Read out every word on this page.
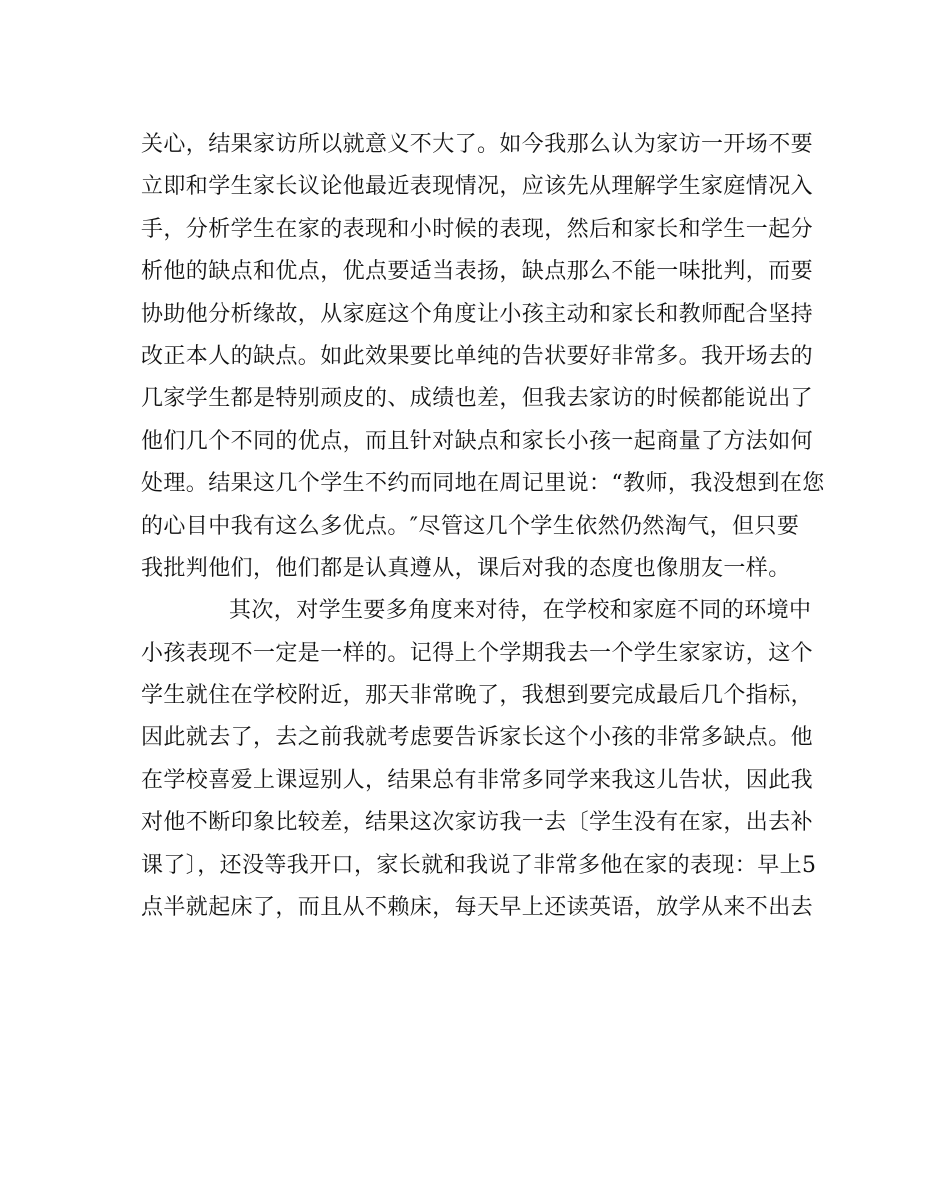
关心，结果家访所以就意义不大了。如今我那么认为家访一开场不要
立即和学生家长议论他最近表现情况，应该先从理解学生家庭情况入
手，分析学生在家的表现和小时候的表现，然后和家长和学生一起分
析他的缺点和优点，优点要适当表扬，缺点那么不能一味批判，而要
协助他分析缘故，从家庭这个角度让小孩主动和家长和教师配合坚持
改正本人的缺点。如此效果要比单纯的告状要好非常多。我开场去的
几家学生都是特别顽皮的、成绩也差，但我去家访的时候都能说出了
他们几个不同的优点，而且针对缺点和家长小孩一起商量了方法如何
处理。结果这几个学生不约而同地在周记里说：“教师，我没想到在您
的心目中我有这么多优点。″尽管这几个学生依然仍然淘气，但只要
我批判他们，他们都是认真遵从，课后对我的态度也像朋友一样。
其次，对学生要多角度来对待，在学校和家庭不同的环境中
小孩表现不一定是一样的。记得上个学期我去一个学生家家访，这个
学生就住在学校附近，那天非常晚了，我想到要完成最后几个指标，
因此就去了，去之前我就考虑要告诉家长这个小孩的非常多缺点。他
在学校喜爱上课逗别人，结果总有非常多同学来我这儿告状，因此我
对他不断印象比较差，结果这次家访我一去〔学生没有在家，出去补
课了〕，还没等我开口，家长就和我说了非常多他在家的表现：早上5
点半就起床了，而且从不赖床，每天早上还读英语，放学从来不出去
